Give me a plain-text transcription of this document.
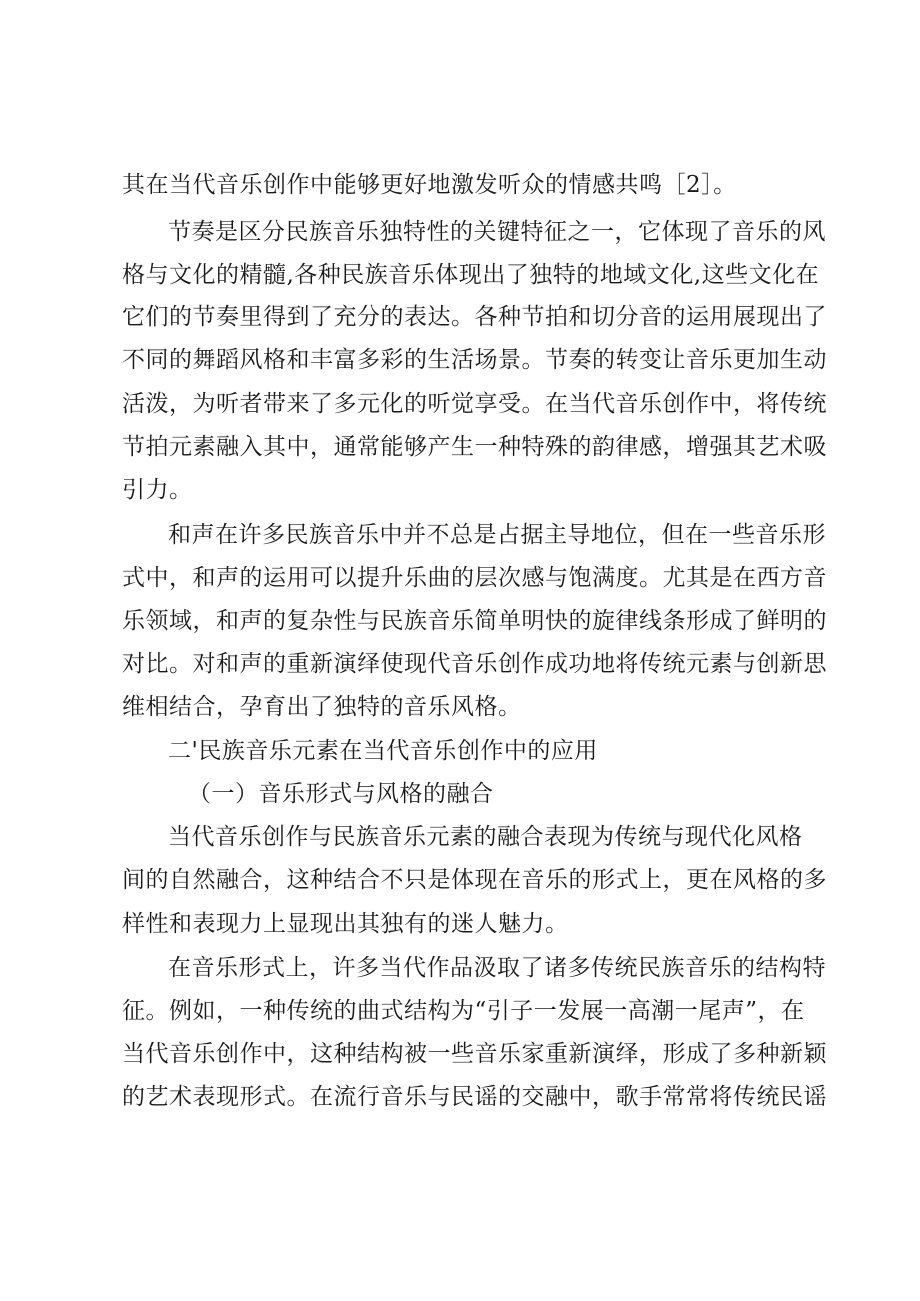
其在当代音乐创作中能够更好地激发听众的情感共鸣［2］。
节奏是区分民族音乐独特性的关键特征之一，它体现了音乐的风
格与文化的精髓,各种民族音乐体现出了独特的地域文化,这些文化在
它们的节奏里得到了充分的表达。各种节拍和切分音的运用展现出了
不同的舞蹈风格和丰富多彩的生活场景。节奏的转变让音乐更加生动
活泼，为听者带来了多元化的听觉享受。在当代音乐创作中，将传统
节拍元素融入其中，通常能够产生一种特殊的韵律感，增强其艺术吸
引力。
和声在许多民族音乐中并不总是占据主导地位，但在一些音乐形
式中，和声的运用可以提升乐曲的层次感与饱满度。尤其是在西方音
乐领域，和声的复杂性与民族音乐简单明快的旋律线条形成了鲜明的
对比。对和声的重新演绎使现代音乐创作成功地将传统元素与创新思
维相结合，孕育出了独特的音乐风格。
二'民族音乐元素在当代音乐创作中的应用
（一）音乐形式与风格的融合
当代音乐创作与民族音乐元素的融合表现为传统与现代化风格
间的自然融合，这种结合不只是体现在音乐的形式上，更在风格的多
样性和表现力上显现出其独有的迷人魅力。
在音乐形式上，许多当代作品汲取了诸多传统民族音乐的结构特
征。例如，一种传统的曲式结构为“引子一发展一高潮一尾声”，在
当代音乐创作中，这种结构被一些音乐家重新演绎，形成了多种新颖
的艺术表现形式。在流行音乐与民谣的交融中，歌手常常将传统民谣
